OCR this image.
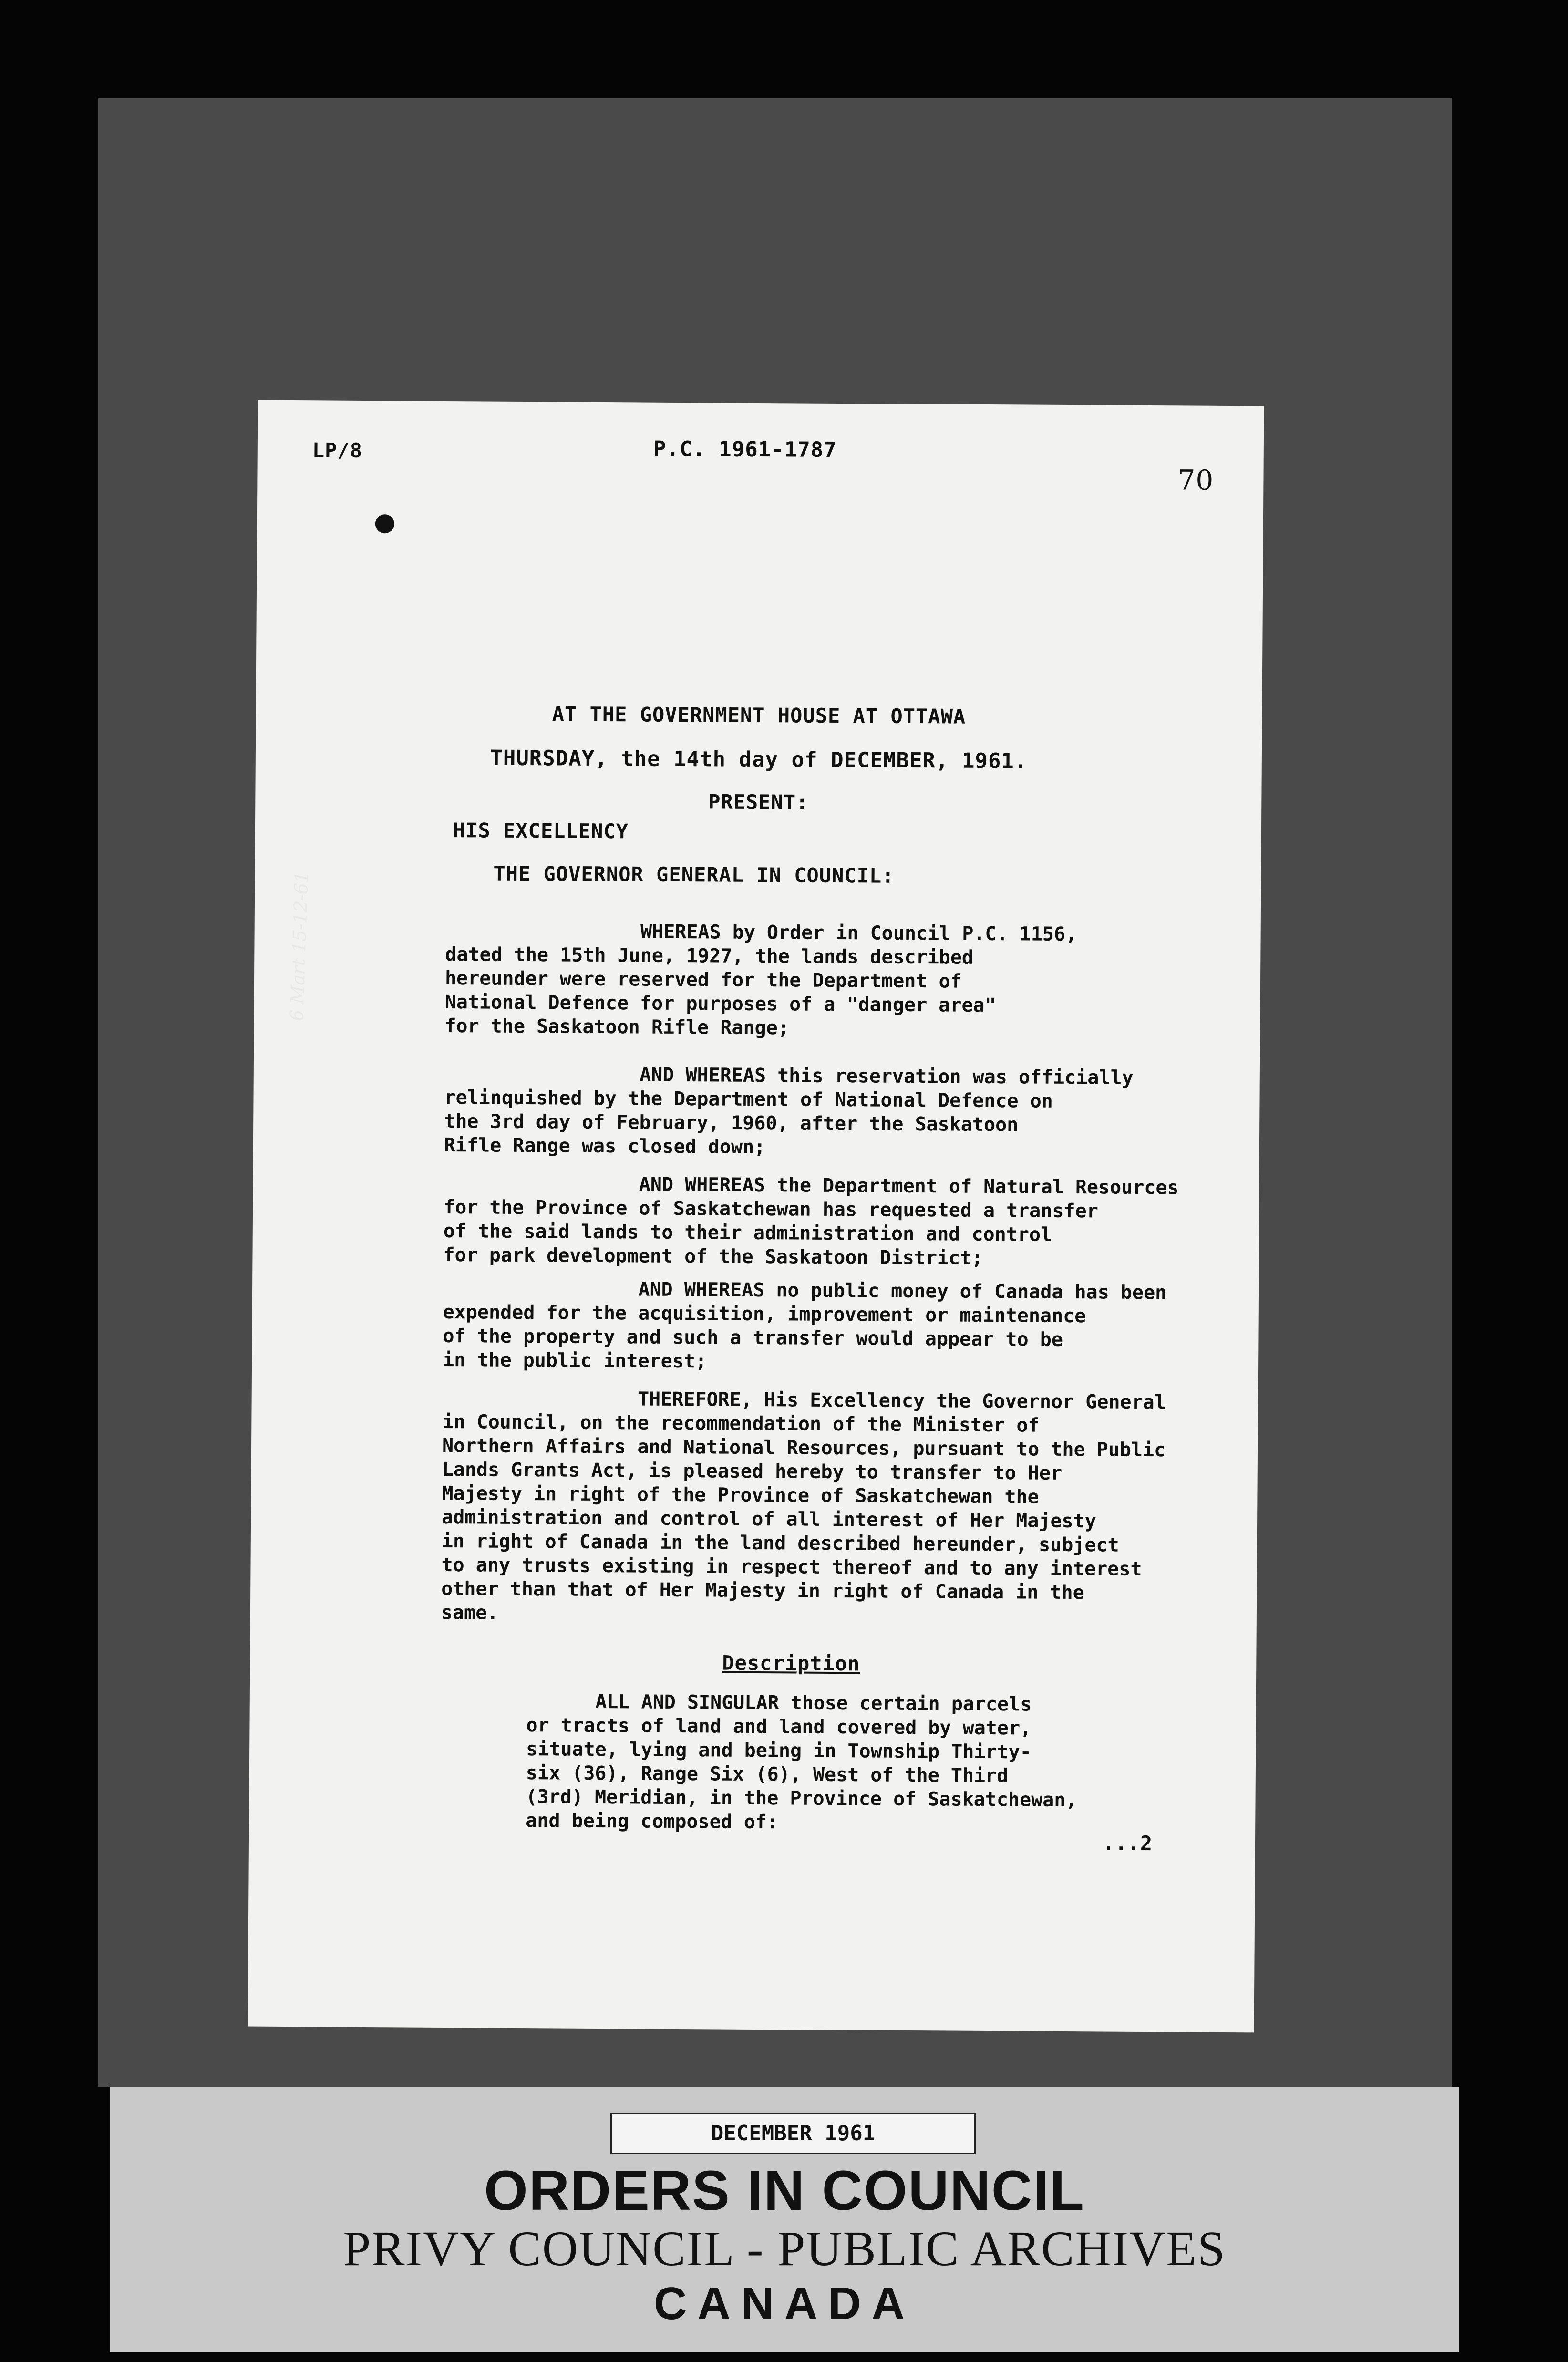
LP/8	P.C. 1961-1787
70
AT THE GOVERNMENT HOUSE AT OTTAWA
THURSDAY, the 14th day of DECEMBER, 1961.
PRESENT:
HIS EXCELLENCY
THE GOVERNOR GENERAL IN COUNCIL:
WHEREAS by Order in Council P.C. 1156,
dated the 15th June, 1927, the lands described
hereunder were reserved for the Department of
National Defence for purposes of a "danger area"
for the Saskatoon Rifle Range;
AND WHEREAS this reservation was officially
relinquished by the Department of National Defence on
the 3rd day of February, 1960, after the Saskatoon
Rifle Range was closed down;
AND WHEREAS the Department of Natural Resources
for the Province of Saskatchewan has requested a transfer
of the said lands to their administration and control
for park development of the Saskatoon District;
AND WHEREAS no public money of Canada has been
expended for the acquisition, improvement or maintenance
of the property and such a transfer would appear to be
in the public interest;
THEREFORE, His Excellency the Governor General
in Council, on the recommendation of the Minister of
Northern Affairs and National Resources, pursuant to the Public
Lands Grants Act, is pleased hereby to transfer to Her
Majesty in right of the Province of Saskatchewan the
administration and control of all interest of Her Majesty
in right of Canada in the land described hereunder, subject
to any trusts existing in respect thereof and to any interest
other than that of Her Majesty in right of Canada in the
same.
Description
ALL AND SINGULAR those certain parcels
or tracts of land and land covered by water,
situate, lying and being in Township Thirty-
six (36), Range Six (6), West of the Third
(3rd) Meridian, in the Province of Saskatchewan,
and being composed of:
...2
6 Mart 15-12-61
DECEMBER 1961
ORDERS IN COUNCIL
PRIVY COUNCIL - PUBLIC ARCHIVES
CANADA
